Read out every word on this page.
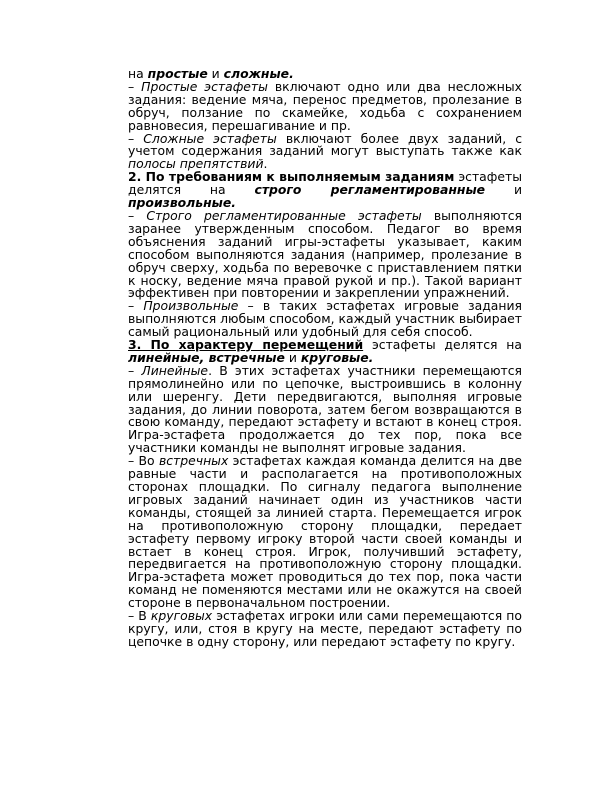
на простые и сложные.

– Простые эстафеты включают одно или два несложных задания: ведение мяча, перенос предметов, пролезание в обруч, ползание по скамейке, ходьба с сохранением равновесия, перешагивание и пр.

– Сложные эстафеты включают более двух заданий, с учетом содержания заданий могут выступать также как полосы препятствий.

2. По требованиям к выполняемым заданиям эстафеты делятся на строго регламентированные и произвольные.

– Строго регламентированные эстафеты выполняются заранее утвержденным способом. Педагог во время объяснения заданий игры-эстафеты указывает, каким способом выполняются задания (например, пролезание в обруч сверху, ходьба по веревочке с приставлением пятки к носку, ведение мяча правой рукой и пр.). Такой вариант эффективен при повторении и закреплении упражнений.

– Произвольные – в таких эстафетах игровые задания выполняются любым способом, каждый участник выбирает самый рациональный или удобный для себя способ.

3. По характеру перемещений эстафеты делятся на линейные, встречные и круговые.

– Линейные. В этих эстафетах участники перемещаются прямолинейно или по цепочке, выстроившись в колонну или шеренгу. Дети передвигаются, выполняя игровые задания, до линии поворота, затем бегом возвращаются в свою команду, передают эстафету и встают в конец строя. Игра-эстафета продолжается до тех пор, пока все участники команды не выполнят игровые задания.

– Во встречных эстафетах каждая команда делится на две равные части и располагается на противоположных сторонах площадки. По сигналу педагога выполнение игровых заданий начинает один из участников части команды, стоящей за линией старта. Перемещается игрок на противоположную сторону площадки, передает эстафету первому игроку второй части своей команды и встает в конец строя. Игрок, получивший эстафету, передвигается на противоположную сторону площадки. Игра-эстафета может проводиться до тех пор, пока части команд не поменяются местами или не окажутся на своей стороне в первоначальном построении.

– В круговых эстафетах игроки или сами перемещаются по кругу, или, стоя в кругу на месте, передают эстафету по цепочке в одну сторону, или передают эстафету по кругу.
